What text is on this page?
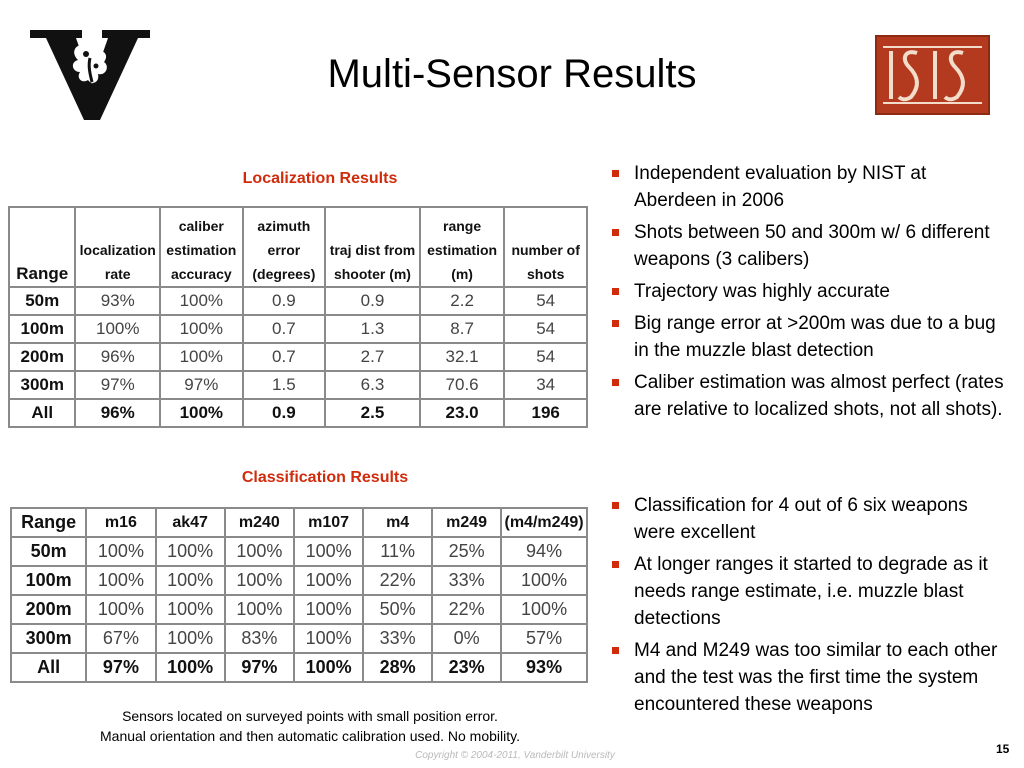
Multi-Sensor Results
Localization Results
Range	localization rate	caliber estimation accuracy	azimuth error (degrees)	traj dist from shooter (m)	range estimation (m)	number of shots
50m	93%	100%	0.9	0.9	2.2	54
100m	100%	100%	0.7	1.3	8.7	54
200m	96%	100%	0.7	2.7	32.1	54
300m	97%	97%	1.5	6.3	70.6	34
All	96%	100%	0.9	2.5	23.0	196
Classification Results
Range	m16	ak47	m240	m107	m4	m249	(m4/m249)
50m	100%	100%	100%	100%	11%	25%	94%
100m	100%	100%	100%	100%	22%	33%	100%
200m	100%	100%	100%	100%	50%	22%	100%
300m	67%	100%	83%	100%	33%	0%	57%
All	97%	100%	97%	100%	28%	23%	93%
Sensors located on surveyed points with small position error.
Manual orientation and then automatic calibration used. No mobility.
Independent evaluation by NIST at Aberdeen in 2006
Shots between 50 and 300m w/ 6 different weapons (3 calibers)
Trajectory was highly accurate
Big range error at >200m was due to a bug in the muzzle blast detection
Caliber estimation was almost perfect (rates are relative to localized shots, not all shots).
Classification for 4 out of 6 six weapons were excellent
At longer ranges it started to degrade as it needs range estimate, i.e. muzzle blast detections
M4 and M249 was too similar to each other and the test was the first time the system encountered these weapons
Copyright © 2004-2011, Vanderbilt University	15
